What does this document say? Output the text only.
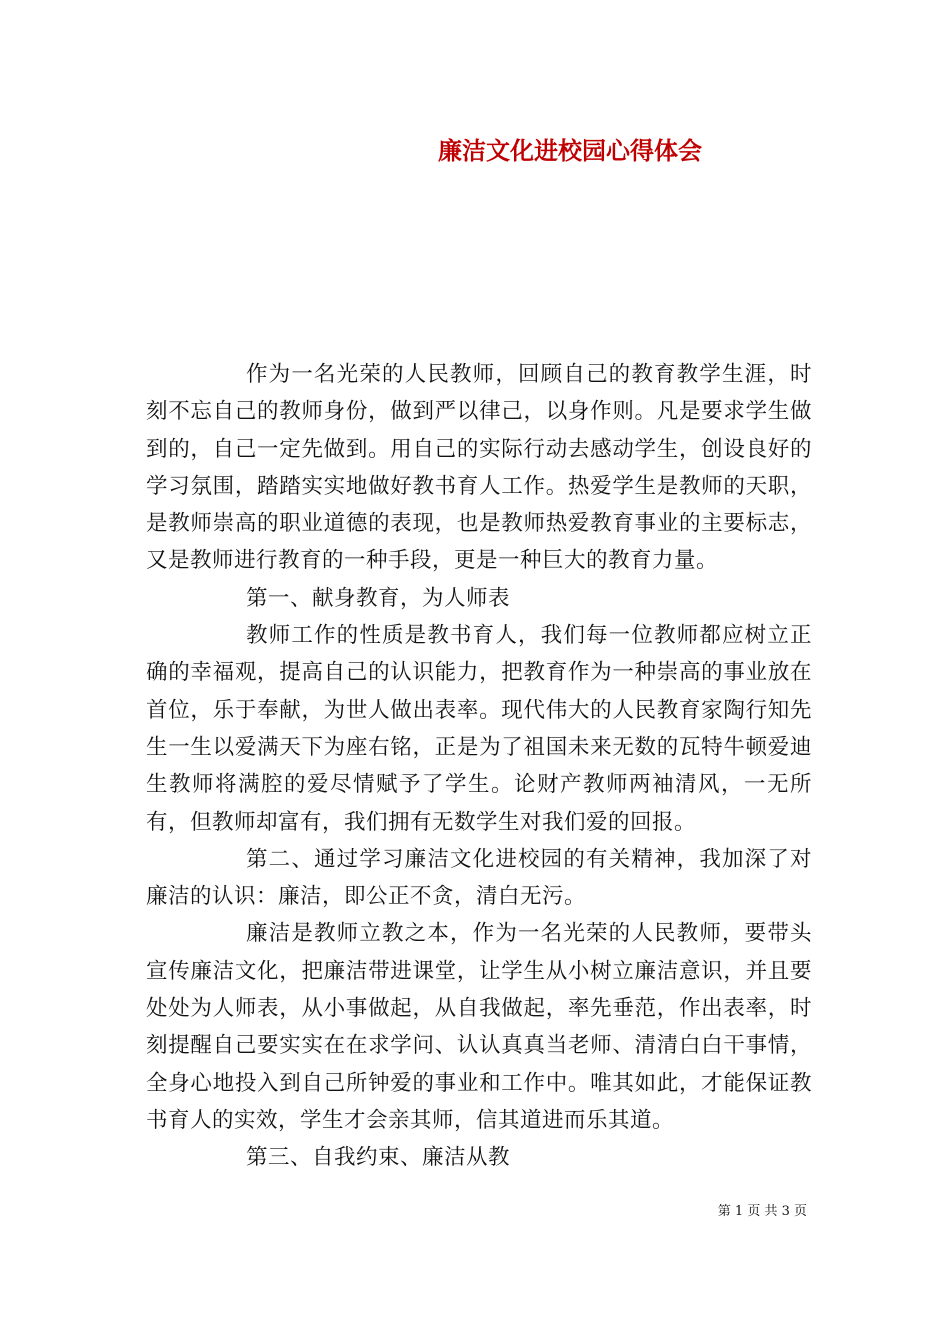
廉洁文化进校园心得体会

作为一名光荣的人民教师，回顾自己的教育教学生涯，时刻不忘自己的教师身份，做到严以律己，以身作则。凡是要求学生做到的，自己一定先做到。用自己的实际行动去感动学生，创设良好的学习氛围，踏踏实实地做好教书育人工作。热爱学生是教师的天职，是教师崇高的职业道德的表现，也是教师热爱教育事业的主要标志，又是教师进行教育的一种手段，更是一种巨大的教育力量。

第一、献身教育，为人师表

教师工作的性质是教书育人，我们每一位教师都应树立正确的幸福观，提高自己的认识能力，把教育作为一种崇高的事业放在首位，乐于奉献，为世人做出表率。现代伟大的人民教育家陶行知先生一生以爱满天下为座右铭，正是为了祖国未来无数的瓦特牛顿爱迪生教师将满腔的爱尽情赋予了学生。论财产教师两袖清风，一无所有，但教师却富有，我们拥有无数学生对我们爱的回报。

第二、通过学习廉洁文化进校园的有关精神，我加深了对廉洁的认识：廉洁，即公正不贪，清白无污。

廉洁是教师立教之本，作为一名光荣的人民教师，要带头宣传廉洁文化，把廉洁带进课堂，让学生从小树立廉洁意识，并且要处处为人师表，从小事做起，从自我做起，率先垂范，作出表率，时刻提醒自己要实实在在求学问、认认真真当老师、清清白白干事情，全身心地投入到自己所钟爱的事业和工作中。唯其如此，才能保证教书育人的实效，学生才会亲其师，信其道进而乐其道。

第三、自我约束、廉洁从教

第 1 页 共 3 页
